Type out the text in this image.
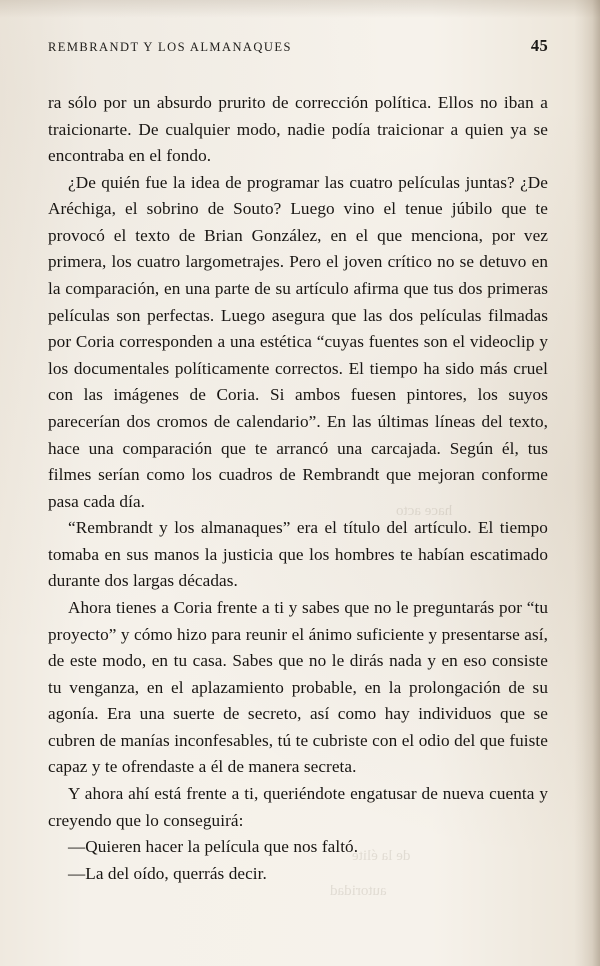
REMBRANDT Y LOS ALMANAQUES	45

ra sólo por un absurdo prurito de corrección política. Ellos no iban a traicionarte. De cualquier modo, nadie podía traicionar a quien ya se encontraba en el fondo.

¿De quién fue la idea de programar las cuatro películas juntas? ¿De Aréchiga, el sobrino de Souto? Luego vino el tenue júbilo que te provocó el texto de Brian González, en el que menciona, por vez primera, los cuatro largometrajes. Pero el joven crítico no se detuvo en la comparación, en una parte de su artículo afirma que tus dos primeras películas son perfectas. Luego asegura que las dos películas filmadas por Coria corresponden a una estética “cuyas fuentes son el videoclip y los documentales políticamente correctos. El tiempo ha sido más cruel con las imágenes de Coria. Si ambos fuesen pintores, los suyos parecerían dos cromos de calendario”. En las últimas líneas del texto, hace una comparación que te arrancó una carcajada. Según él, tus filmes serían como los cuadros de Rembrandt que mejoran conforme pasa cada día.

“Rembrandt y los almanaques” era el título del artículo. El tiempo tomaba en sus manos la justicia que los hombres te habían escatimado durante dos largas décadas.

Ahora tienes a Coria frente a ti y sabes que no le preguntarás por “tu proyecto” y cómo hizo para reunir el ánimo suficiente y presentarse así, de este modo, en tu casa. Sabes que no le dirás nada y en eso consiste tu venganza, en el aplazamiento probable, en la prolongación de su agonía. Era una suerte de secreto, así como hay individuos que se cubren de manías inconfesables, tú te cubriste con el odio del que fuiste capaz y te ofrendaste a él de manera secreta.

Y ahora ahí está frente a ti, queriéndote engatusar de nueva cuenta y creyendo que lo conseguirá:

—Quieren hacer la película que nos faltó.

—La del oído, querrás decir.

hace acto
de la élite
autoridad
